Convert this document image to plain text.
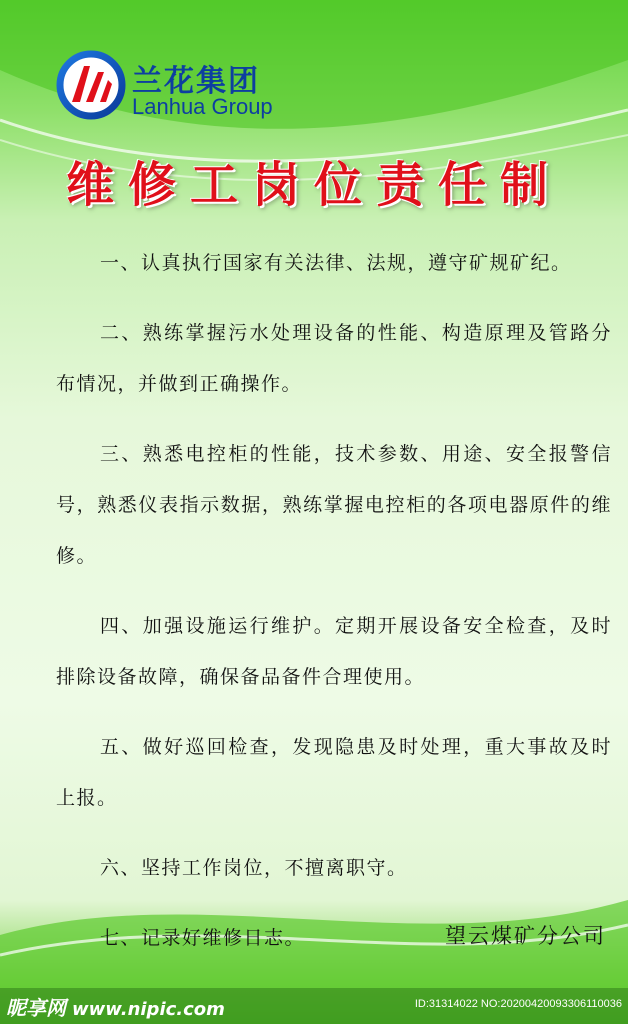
兰花集团
Lanhua Group
维修工岗位责任制

一、认真执行国家有关法律、法规，遵守矿规矿纪。

二、熟练掌握污水处理设备的性能、构造原理及管路分布情况，并做到正确操作。

三、熟悉电控柜的性能，技术参数、用途、安全报警信号，熟悉仪表指示数据，熟练掌握电控柜的各项电器原件的维修。

四、加强设施运行维护。定期开展设备安全检查，及时排除设备故障，确保备品备件合理使用。

五、做好巡回检查，发现隐患及时处理，重大事故及时上报。

六、坚持工作岗位，不擅离职守。

七、记录好维修日志。	望云煤矿分公司
昵享网 www.nipic.com	ID:31314022 NO:20200420093306110036
